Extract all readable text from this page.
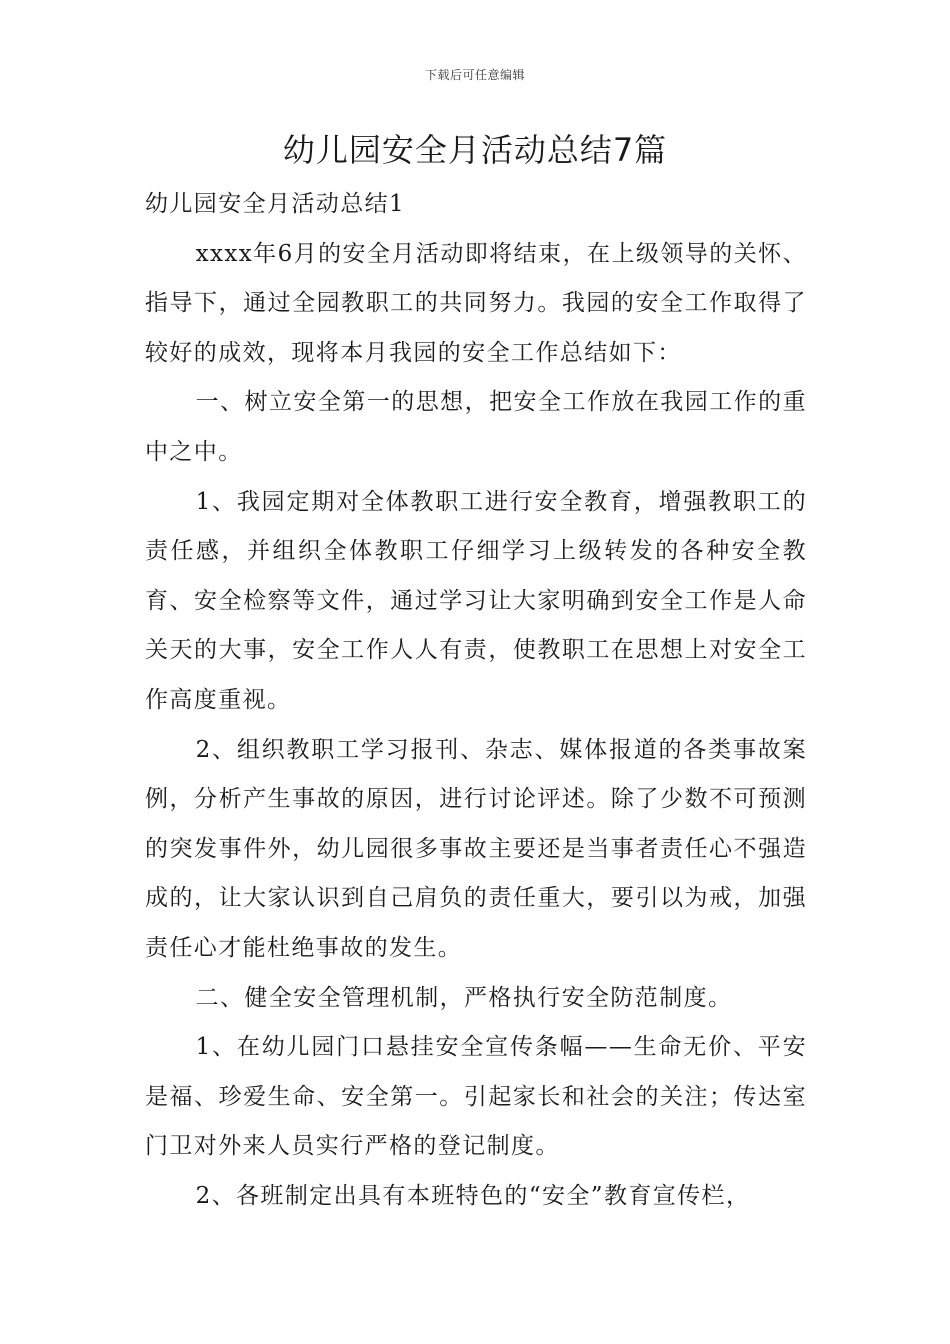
下载后可任意编辑
幼儿园安全月活动总结7篇

幼儿园安全月活动总结1

xxxx年6月的安全月活动即将结束，在上级领导的关怀、指导下，通过全园教职工的共同努力。我园的安全工作取得了较好的成效，现将本月我园的安全工作总结如下：

一、树立安全第一的思想，把安全工作放在我园工作的重中之中。

1、我园定期对全体教职工进行安全教育，增强教职工的责任感，并组织全体教职工仔细学习上级转发的各种安全教育、安全检察等文件，通过学习让大家明确到安全工作是人命关天的大事，安全工作人人有责，使教职工在思想上对安全工作高度重视。

2、组织教职工学习报刊、杂志、媒体报道的各类事故案例，分析产生事故的原因，进行讨论评述。除了少数不可预测的突发事件外，幼儿园很多事故主要还是当事者责任心不强造成的，让大家认识到自己肩负的责任重大，要引以为戒，加强责任心才能杜绝事故的发生。

二、健全安全管理机制，严格执行安全防范制度。

1、在幼儿园门口悬挂安全宣传条幅——生命无价、平安是福、珍爱生命、安全第一。引起家长和社会的关注；传达室门卫对外来人员实行严格的登记制度。

2、各班制定出具有本班特色的“安全”教育宣传栏，
